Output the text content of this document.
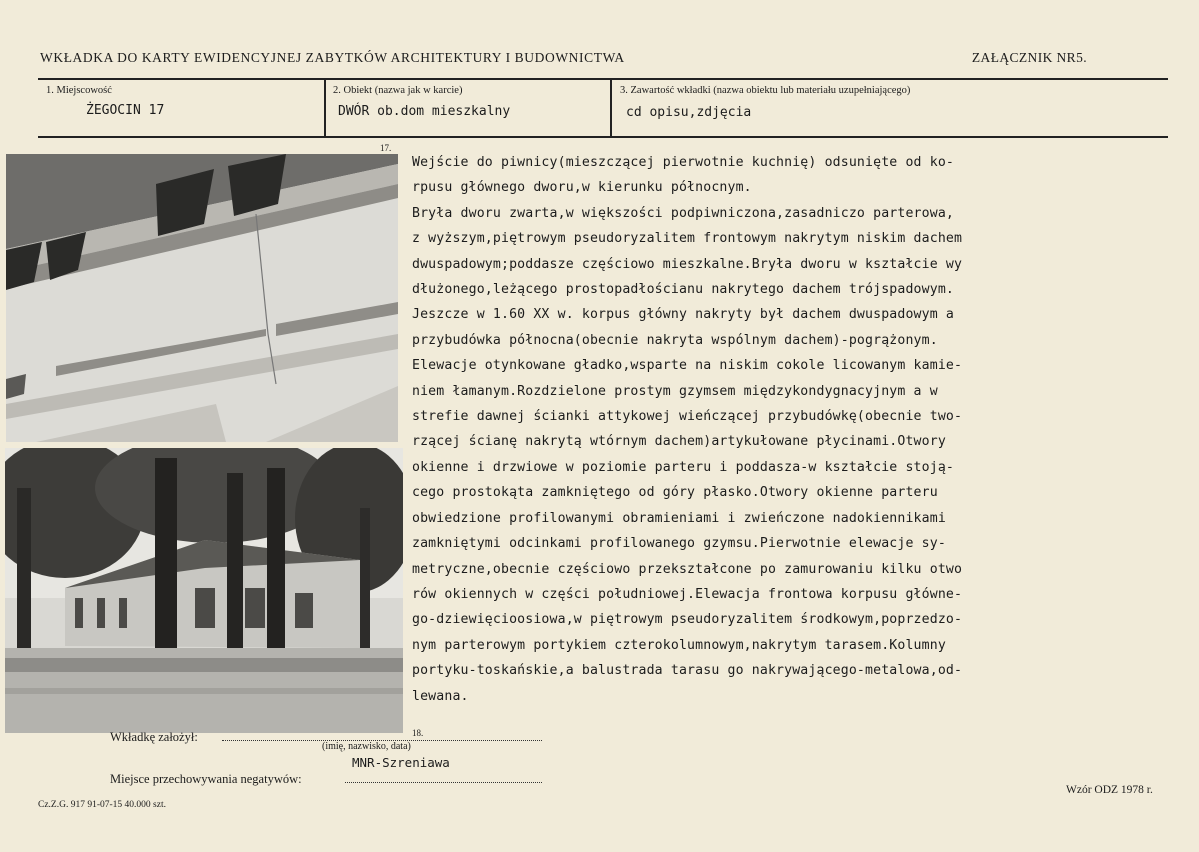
WKŁADKA DO KARTY EWIDENCYJNEJ ZABYTKÓW ARCHITEKTURY I BUDOWNICTWA	ZAŁĄCZNIK NR5.
1. Miejscowość
ŻEGOCIN 17
2. Obiekt (nazwa jak w karcie)
DWÓR ob.dom mieszkalny
3. Zawartość wkładki (nazwa obiektu lub materiału uzupełniającego)
cd opisu,zdjęcia
17.
Wejście do piwnicy(mieszczącej pierwotnie kuchnię) odsunięte od ko-
rpusu głównego dworu,w kierunku północnym.
Bryła dworu zwarta,w większości podpiwniczona,zasadniczo parterowa,
z wyższym,piętrowym pseudoryzalitem frontowym nakrytym niskim dachem
dwuspadowym;poddasze częściowo mieszkalne.Bryła dworu w kształcie wy
dłużonego,leżącego prostopadłościanu nakrytego dachem trójspadowym.
Jeszcze w 1.60 XX w. korpus główny nakryty był dachem dwuspadowym a
przybudówka północna(obecnie nakryta wspólnym dachem)-pogrążonym.
Elewacje otynkowane gładko,wsparte na niskim cokole licowanym kamie-
niem łamanym.Rozdzielone prostym gzymsem międzykondygnacyjnym a w
strefie dawnej ścianki attykowej wieńczącej przybudówkę(obecnie two-
rzącej ścianę nakrytą wtórnym dachem)artykułowane płycinami.Otwory
okienne i drzwiowe w poziomie parteru i poddasza-w kształcie stoją-
cego prostokąta zamkniętego od góry płasko.Otwory okienne parteru
obwiedzione profilowanymi obramieniami i zwieńczone nadokiennikami
zamkniętymi odcinkami profilowanego gzymsu.Pierwotnie elewacje sy-
metryczne,obecnie częściowo przekształcone po zamurowaniu kilku otwo
rów okiennych w części południowej.Elewacja frontowa korpusu główne-
go-dziewięcioosiowa,w piętrowym pseudoryzalitem środkowym,poprzedzo-
nym parterowym portykiem czterokolumnowym,nakrytym tarasem.Kolumny
portyku-toskańskie,a balustrada tarasu go nakrywającego-metalowa,od-
lewana.
Wkładkę założył:	18.
(imię, nazwisko, data)
MNR-Szreniawa
Miejsce przechowywania negatywów:
Wzór ODZ 1978 r.
Cz.Z.G. 917 91-07-15 40.000 szt.
